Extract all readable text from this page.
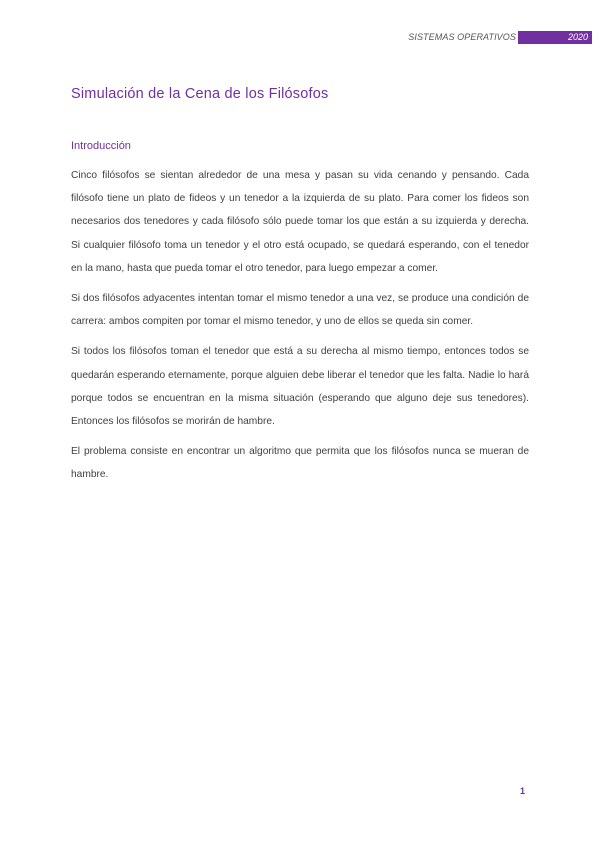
SISTEMAS OPERATIVOS	2020
Simulación de la Cena de los Filósofos
Introducción

Cinco filósofos se sientan alrededor de una mesa y pasan su vida cenando y pensando. Cada filósofo tiene un plato de fideos y un tenedor a la izquierda de su plato. Para comer los fideos son necesarios dos tenedores y cada filósofo sólo puede tomar los que están a su izquierda y derecha. Si cualquier filósofo toma un tenedor y el otro está ocupado, se quedará esperando, con el tenedor en la mano, hasta que pueda tomar el otro tenedor, para luego empezar a comer.

Si dos filósofos adyacentes intentan tomar el mismo tenedor a una vez, se produce una condición de carrera: ambos compiten por tomar el mismo tenedor, y uno de ellos se queda sin comer.

Si todos los filósofos toman el tenedor que está a su derecha al mismo tiempo, entonces todos se quedarán esperando eternamente, porque alguien debe liberar el tenedor que les falta. Nadie lo hará porque todos se encuentran en la misma situación (esperando que alguno deje sus tenedores). Entonces los filósofos se morirán de hambre.

El problema consiste en encontrar un algoritmo que permita que los filósofos nunca se mueran de hambre.

1
